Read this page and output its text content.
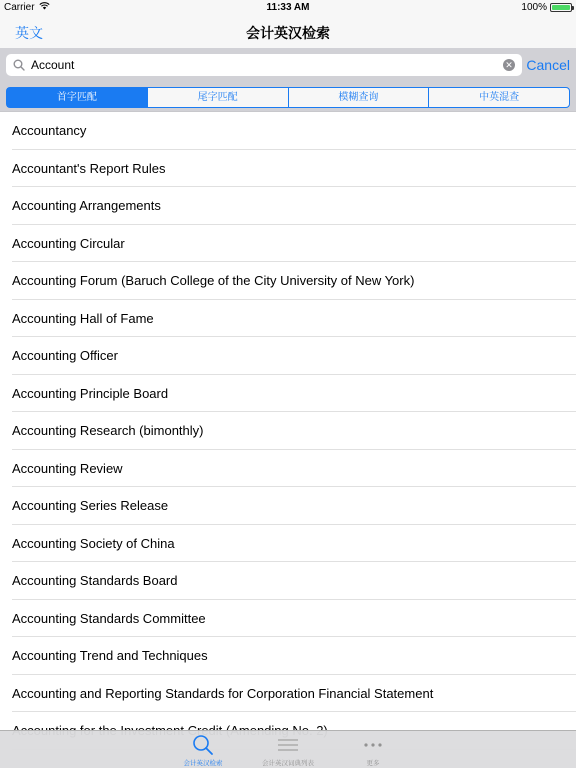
Carrier	11:33 AM	100%
英文	会计英汉检索
Account
✕ Cancel
首字匹配	尾字匹配	模糊查询	中英混查
Accountancy
Accountant's Report Rules
Accounting Arrangements
Accounting Circular
Accounting Forum (Baruch College of the City University of New York)
Accounting Hall of Fame
Accounting Officer
Accounting Principle Board
Accounting Research (bimonthly)
Accounting Review
Accounting Series Release
Accounting Society of China
Accounting Standards Board
Accounting Standards Committee
Accounting Trend and Techniques
Accounting and Reporting Standards for Corporation Financial Statement
会计英汉检索	会计英汉词典列表	更多
